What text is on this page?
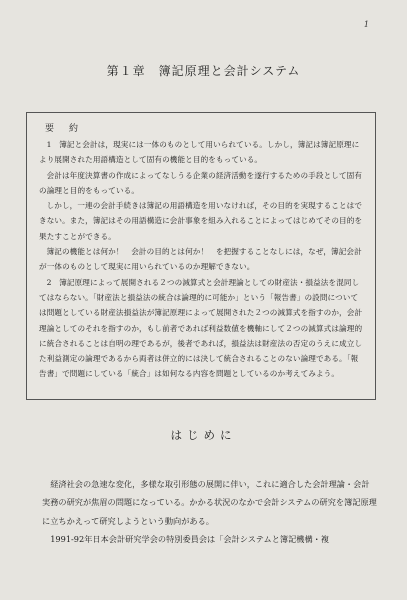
1
第１章　簿記原理と会計システム
要　約

1　簿記と会計は，現実には一体のものとして用いられている。しかし，簿記は簿記原理により展開された用語構造として固有の機能と目的をもっている。

会計は年度決算書の作成によってなしうる企業の経済活動を遂行するための手段として固有の論理と目的をもっている。

しかし，一連の会計手続きは簿記の用語構造を用いなければ，その目的を実現することはできない。また，簿記はその用語構造に会計事象を組み入れることによってはじめてその目的を果たすことができる。

簿記の機能とは何か！　会計の目的とは何か！　を把握することなしには，なぜ，簿記会計が一体のものとして現実に用いられているのか理解できない。

2　簿記原理によって展開される２つの減算式と会計理論としての財産法・損益法を混同してはならない。「財産法と損益法の統合は論理的に可能か」という「報告書」の設問については問題としている財産法損益法が簿記原理によって展開された２つの減算式を指すのか，会計理論としてのそれを指すのか，もし前者であれば利益数値を機軸にして２つの減算式は論理的に統合されることは自明の理であるが，後者であれば，損益法は財産法の否定のうえに成立した利益測定の論理であるから両者は併立的には決して統合されることのない論理である。「報告書」で問題にしている「統合」は如何なる内容を問題としているのか考えてみよう。

はじめに

経済社会の急速な変化，多様な取引形態の展開に伴い，これに適合した会計理論・会計実務の研究が焦眉の問題になっている。かかる状況のなかで会計システムの研究を簿記原理に立ちかえって研究しようという動向がある。

1991-92年日本会計研究学会の特別委員会は「会計システムと簿記機構・複
